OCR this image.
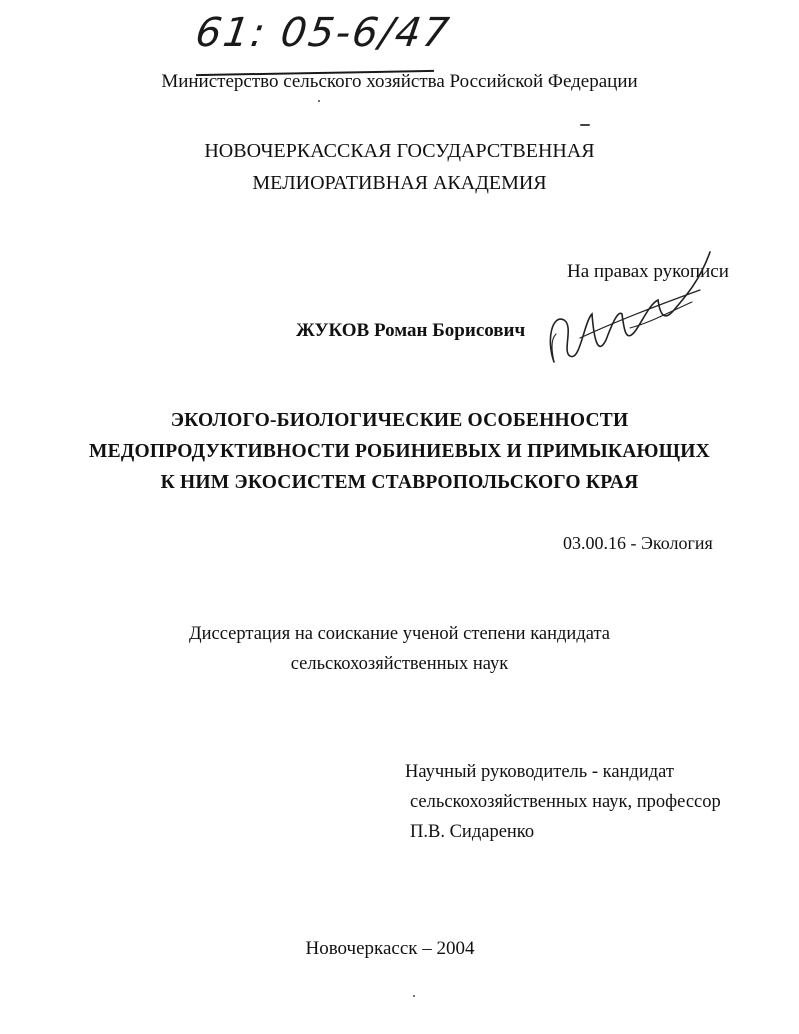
61: 05-6/47
Министерство сельского хозяйства Российской Федерации
НОВОЧЕРКАССКАЯ ГОСУДАРСТВЕННАЯ
МЕЛИОРАТИВНАЯ АКАДЕМИЯ
На правах рукописи
ЖУКОВ Роман Борисович
ЭКОЛОГО-БИОЛОГИЧЕСКИЕ ОСОБЕННОСТИ
МЕДОПРОДУКТИВНОСТИ РОБИНИЕВЫХ И ПРИМЫКАЮЩИХ
К НИМ ЭКОСИСТЕМ СТАВРОПОЛЬСКОГО КРАЯ
03.00.16 - Экология
Диссертация на соискание ученой степени кандидата
сельскохозяйственных наук
Научный руководитель - кандидат
сельскохозяйственных наук, профессор
П.В. Сидаренко
Новочеркасск – 2004
